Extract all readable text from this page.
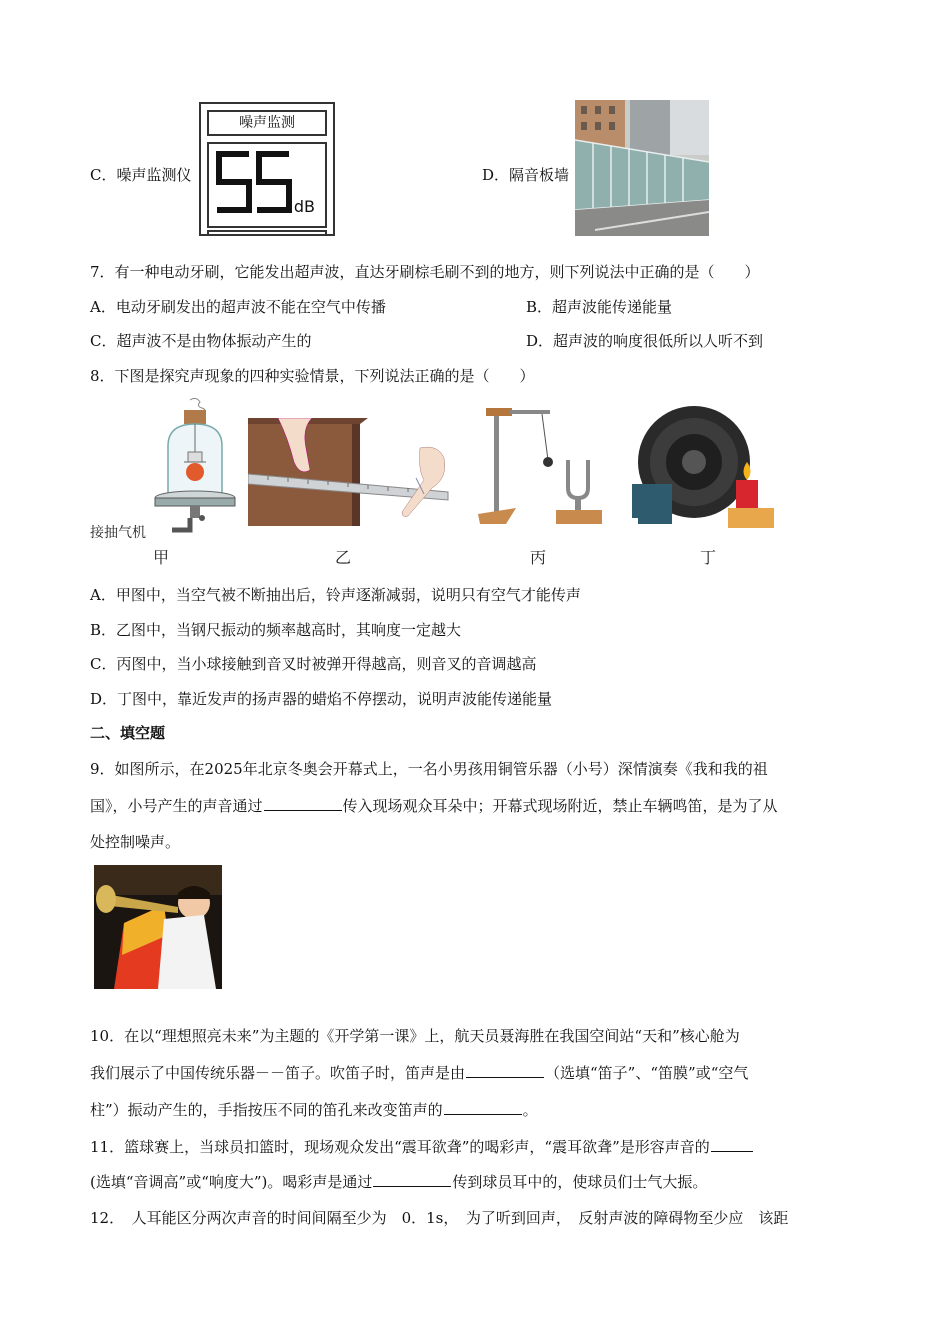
C．噪声监测仪
噪声监测
dB
D．隔音板墙
7．有一种电动牙刷，它能发出超声波，直达牙刷棕毛刷不到的地方，则下列说法中正确的是（　　）
A．电动牙刷发出的超声波不能在空气中传播	B．超声波能传递能量
C．超声波不是由物体振动产生的	D．超声波的响度很低所以人听不到
8．下图是探究声现象的四种实验情景，下列说法正确的是（　　）
接抽气机
甲	乙	丙	丁
A．甲图中，当空气被不断抽出后，铃声逐渐减弱，说明只有空气才能传声
B．乙图中，当钢尺振动的频率越高时，其响度一定越大
C．丙图中，当小球接触到音叉时被弹开得越高，则音叉的音调越高
D．丁图中，靠近发声的扬声器的蜡焰不停摆动，说明声波能传递能量
二、填空题
9．如图所示，在2025年北京冬奥会开幕式上，一名小男孩用铜管乐器（小号）深情演奏《我和我的祖
国》，小号产生的声音通过	传入现场观众耳朵中；开幕式现场附近，禁止车辆鸣笛，是为了从
处控制噪声。
10．在以“理想照亮未来”为主题的《开学第一课》上，航天员聂海胜在我国空间站“天和”核心舱为
我们展示了中国传统乐器－－笛子。吹笛子时，笛声是由	（选填“笛子”、“笛膜”或“空气
柱”）振动产生的，手指按压不同的笛孔来改变笛声的	。
11．篮球赛上，当球员扣篮时，现场观众发出“震耳欲聋”的喝彩声，“震耳欲聋”是形容声音的
(选填“音调高”或“响度大”)。喝彩声是通过	传到球员耳中的，使球员们士气大振。
12．　人耳能区分两次声音的时间间隔至少为　0．1s，　为了听到回声，　反射声波的障碍物至少应　该距
